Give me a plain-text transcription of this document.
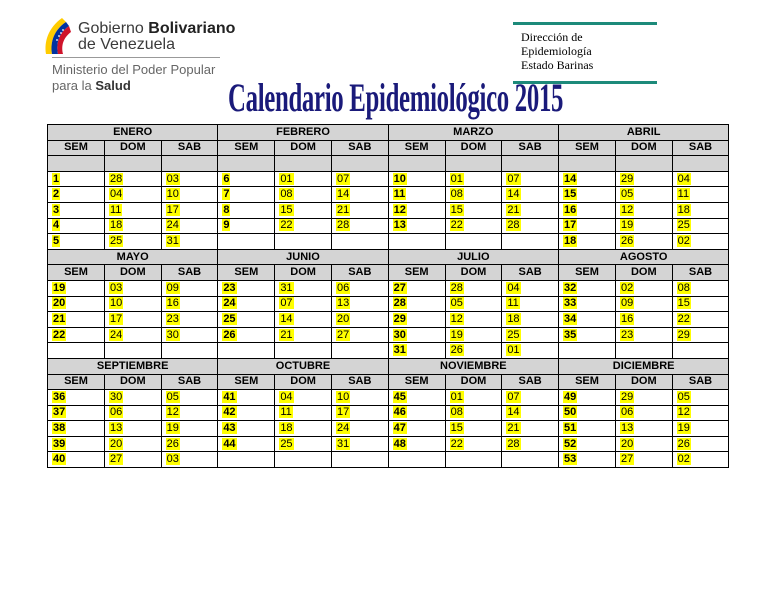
Gobierno Bolivariano
de Venezuela
Ministerio del Poder Popular
para la Salud
Dirección de
Epidemiología
Estado Barinas
Calendario Epidemiológico 2015
ENERO			FEBRERO			MARZO			ABRIL		
SEM	DOM	SAB	SEM	DOM	SAB	SEM	DOM	SAB	SEM	DOM	SAB

1	28	03	6	01	07	10	01	07	14	29	04
2	04	10	7	08	14	11	08	14	15	05	11
3	11	17	8	15	21	12	15	21	16	12	18
4	18	24	9	22	28	13	22	28	17	19	25
5	25	31							18	26	02
MAYO			JUNIO			JULIO			AGOSTO		
SEM	DOM	SAB	SEM	DOM	SAB	SEM	DOM	SAB	SEM	DOM	SAB
19	03	09	23	31	06	27	28	04	32	02	08
20	10	16	24	07	13	28	05	11	33	09	15
21	17	23	25	14	20	29	12	18	34	16	22
22	24	30	26	21	27	30	19	25	35	23	29
						31	26	01			
SEPTIEMBRE			OCTUBRE			NOVIEMBRE			DICIEMBRE		
SEM	DOM	SAB	SEM	DOM	SAB	SEM	DOM	SAB	SEM	DOM	SAB
36	30	05	41	04	10	45	01	07	49	29	05
37	06	12	42	11	17	46	08	14	50	06	12
38	13	19	43	18	24	47	15	21	51	13	19
39	20	26	44	25	31	48	22	28	52	20	26
40	27	03							53	27	02
